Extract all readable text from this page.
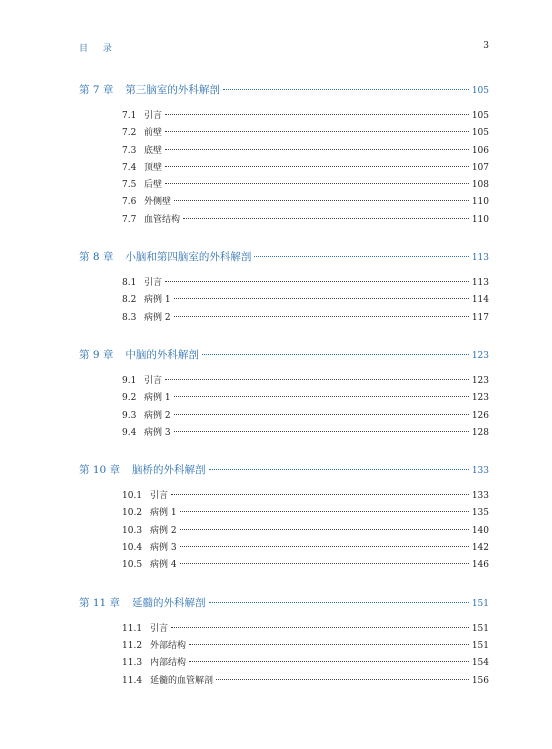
目 录	3
第 7 章 第三脑室的外科解剖	105
7.1 引言	105
7.2 前壁	105
7.3 底壁	106
7.4 顶壁	107
7.5 后壁	108
7.6 外侧壁	110
7.7 血管结构	110
第 8 章 小脑和第四脑室的外科解剖	113
8.1 引言	113
8.2 病例 1	114
8.3 病例 2	117
第 9 章 中脑的外科解剖	123
9.1 引言	123
9.2 病例 1	123
9.3 病例 2	126
9.4 病例 3	128
第 10 章 脑桥的外科解剖	133
10.1 引言	133
10.2 病例 1	135
10.3 病例 2	140
10.4 病例 3	142
10.5 病例 4	146
第 11 章 延髓的外科解剖	151
11.1 引言	151
11.2 外部结构	151
11.3 内部结构	154
11.4 延髓的血管解剖	156
